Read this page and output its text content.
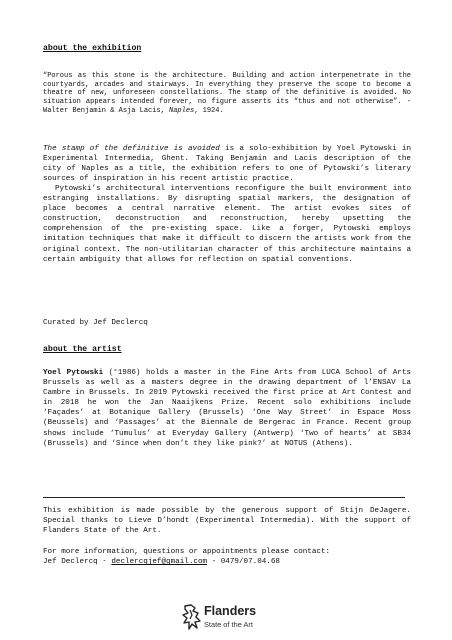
about the exhibition

“Porous as this stone is the architecture. Building and action interpenetrate in the courtyards, arcades and stairways. In everything they preserve the scope to become a theatre of new, unforeseen constellations. The stamp of the definitive is avoided. No situation appears intended forever, no figure asserts its “thus and not otherwise”. - Walter Benjamin & Asja Lacis, Naples, 1924.

The stamp of the definitive is avoided is a solo-exhibition by Yoel Pytowski in Experimental Intermedia, Ghent. Taking Benjamin and Lacis description of the city of Naples as a title, the exhibition refers to one of Pytowski’s literary sources of inspiration in his recent artistic practice.

Pytowski’s architectural interventions reconfigure the built environment into estranging installations. By disrupting spatial markers, the designation of place becomes a central narrative element. The artist evokes sites of construction, deconstruction and reconstruction, hereby upsetting the comprehension of the pre-existing space. Like a forger, Pytowski employs imitation techniques that make it difficult to discern the artists work from the original context. The non-utilitarian character of this architecture maintains a certain ambiguity that allows for reflection on spatial conventions.

Curated by Jef Declercq

about the artist

Yoel Pytowski (°1986) holds a master in the Fine Arts from LUCA School of Arts Brussels as well as a masters degree in the drawing department of l’ENSAV La Cambre in Brussels. In 2019 Pytowski received the first price at Art Contest and in 2018 he won the Jan Naaijkens Prize. Recent solo exhibitions include ‘Façades’ at Botanique Gallery (Brussels) ‘One Way Street’ in Espace Moss (Beussels) and ‘Passages’ at the Biennale de Bergerac in France. Recent group shows include ‘Tumulus’ at Everyday Gallery (Antwerp) ‘Two of hearts’ at SB34 (Brussels) and ‘Since when don’t they like pink?’ at NOTUS (Athens).

This exhibition is made possible by the generous support of Stijn DeJagere. Special thanks to Lieve D’hondt (Experimental Intermedia). With the support of Flanders State of the Art.

For more information, questions or appointments please contact:
Jef Declercq - declercqjef@gmail.com - 0479/07.04.68

Flanders
State of the Art
